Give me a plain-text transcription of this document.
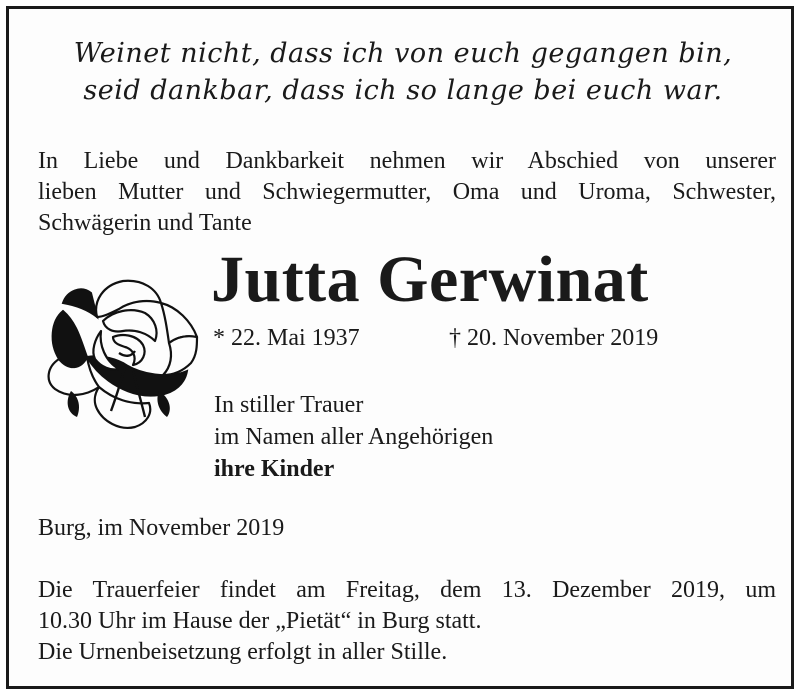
Weinet nicht, dass ich von euch gegangen bin,
seid dankbar, dass ich so lange bei euch war.
In Liebe und Dankbarkeit nehmen wir Abschied von unserer
lieben Mutter und Schwiegermutter, Oma und Uroma, Schwester,
Schwägerin und Tante
Jutta Gerwinat
* 22. Mai 1937	† 20. November 2019
In stiller Trauer
im Namen aller Angehörigen
ihre Kinder
Burg, im November 2019
Die Trauerfeier findet am Freitag, dem 13. Dezember 2019, um
10.30 Uhr im Hause der „Pietät“ in Burg statt.
Die Urnenbeisetzung erfolgt in aller Stille.
